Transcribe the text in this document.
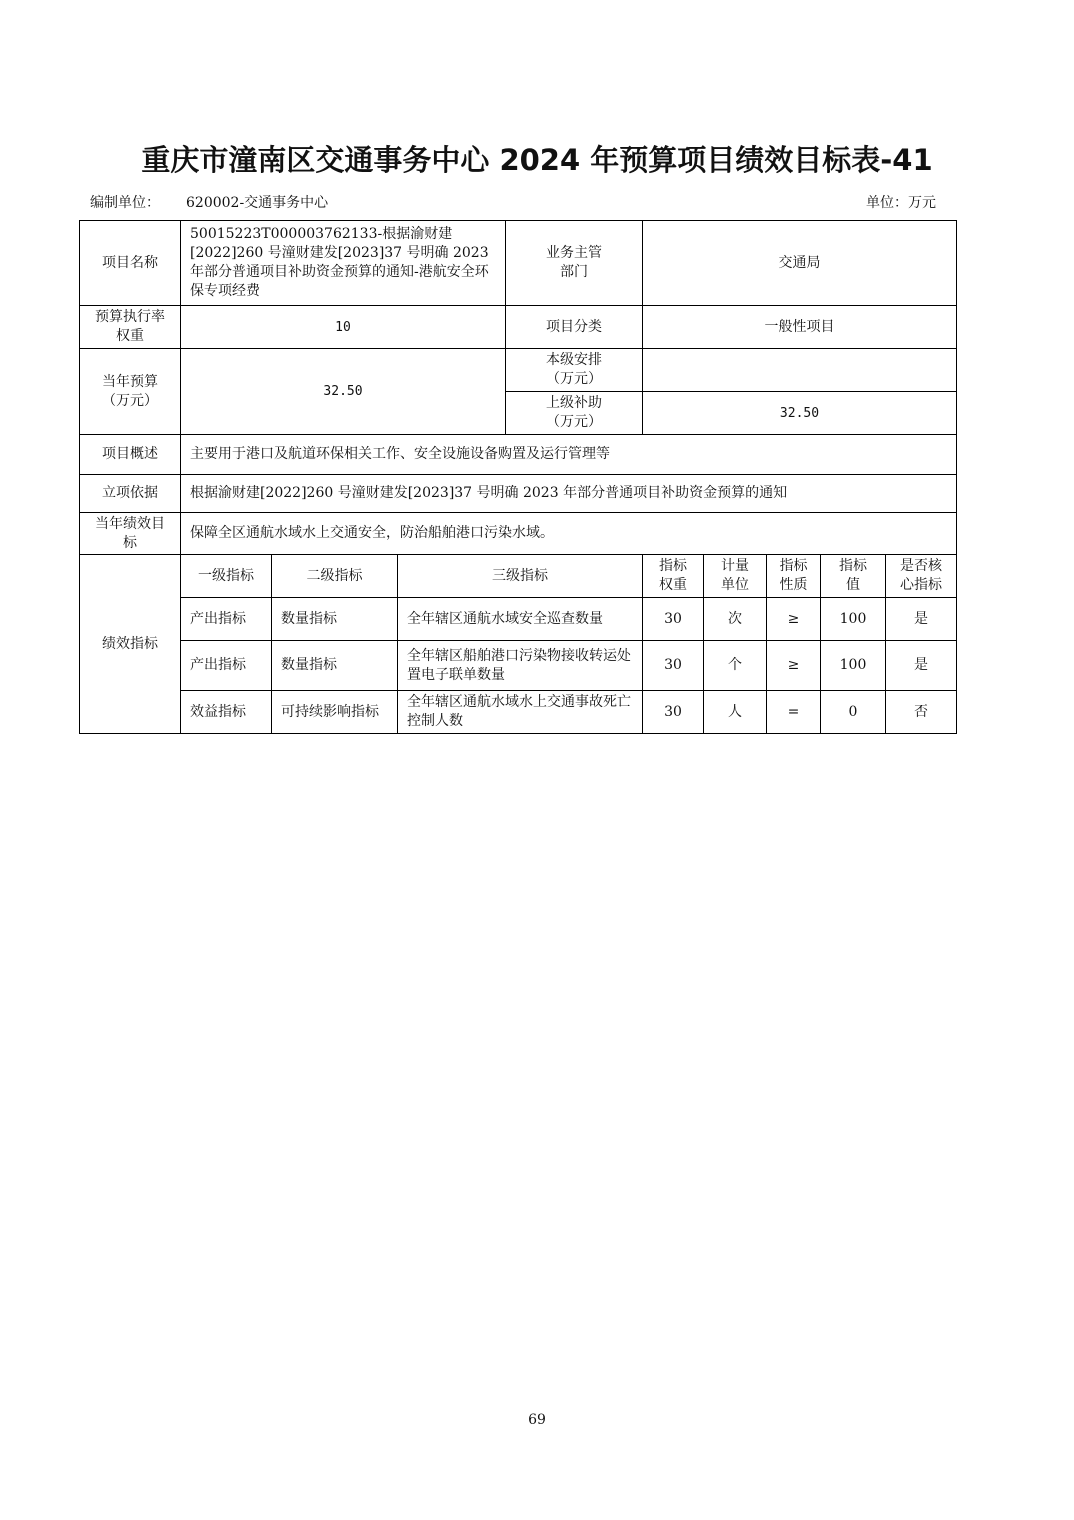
重庆市潼南区交通事务中心 2024 年预算项目绩效目标表-41
编制单位： 620002-交通事务中心	单位：万元
项目名称	50015223T000003762133-根据渝财建[2022]260 号潼财建发[2023]37 号明确 2023 年部分普通项目补助资金预算的通知-港航安全环保专项经费			业务主管部门	交通局				

预算执行率权重	10			项目分类	一般性项目				

当年预算（万元）	32.50			本级安排（万元）					

				上级补助（万元）	32.50				
项目概述	主要用于港口及航道环保相关工作、安全设施设备购置及运行管理等								
立项依据	根据渝财建[2022]260 号潼财建发[2023]37 号明确 2023 年部分普通项目补助资金预算的通知								

当年绩效目标	保障全区通航水域水上交通安全，防治船舶港口污染水域。								
绩效指标	一级指标	二级指标	三级指标		指标权重	计量单位	指标性质	指标值	是否核心指标

	产出指标	数量指标	全年辖区通航水域安全巡查数量		30	次	≥	100	是
	产出指标	数量指标	全年辖区船舶港口污染物接收转运处置电子联单数量		30	个	≥	100	是
	效益指标	可持续影响指标	全年辖区通航水域水上交通事故死亡控制人数		30	人	=	0	否
69
